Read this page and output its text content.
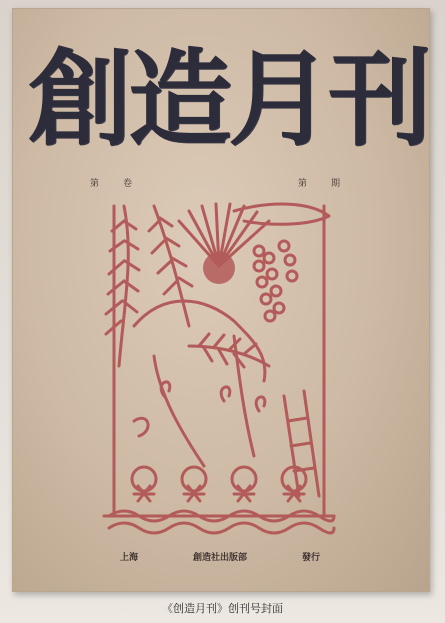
創 造 月 刊
第	卷	第	期
上海	創造社出版部	發行
《创造月刊》创刊号封面
